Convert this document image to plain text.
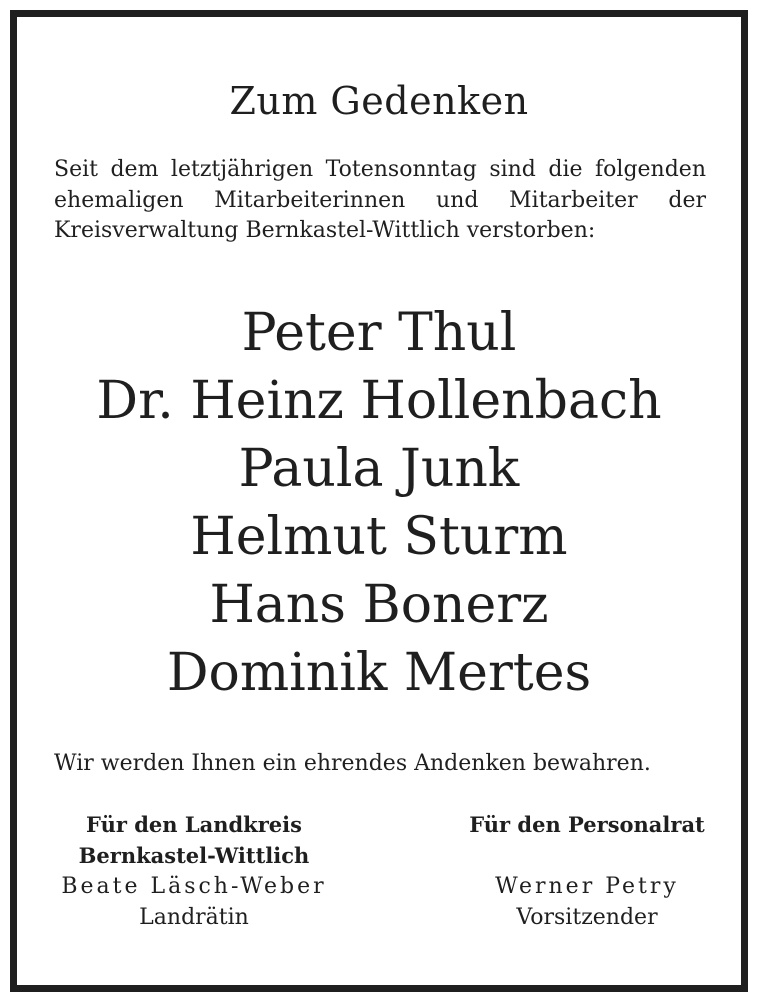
Zum Gedenken
Seit dem letztjährigen Totensonntag sind die folgenden ehemaligen Mitarbeiterinnen und Mitarbeiter der Kreisverwaltung Bernkastel-Wittlich verstorben:
Peter Thul
Dr. Heinz Hollenbach
Paula Junk
Helmut Sturm
Hans Bonerz
Dominik Mertes
Wir werden Ihnen ein ehrendes Andenken bewahren.
Für den Landkreis
Bernkastel-Wittlich
Beate Läsch-Weber
Landrätin
Für den Personalrat
Werner Petry
Vorsitzender
